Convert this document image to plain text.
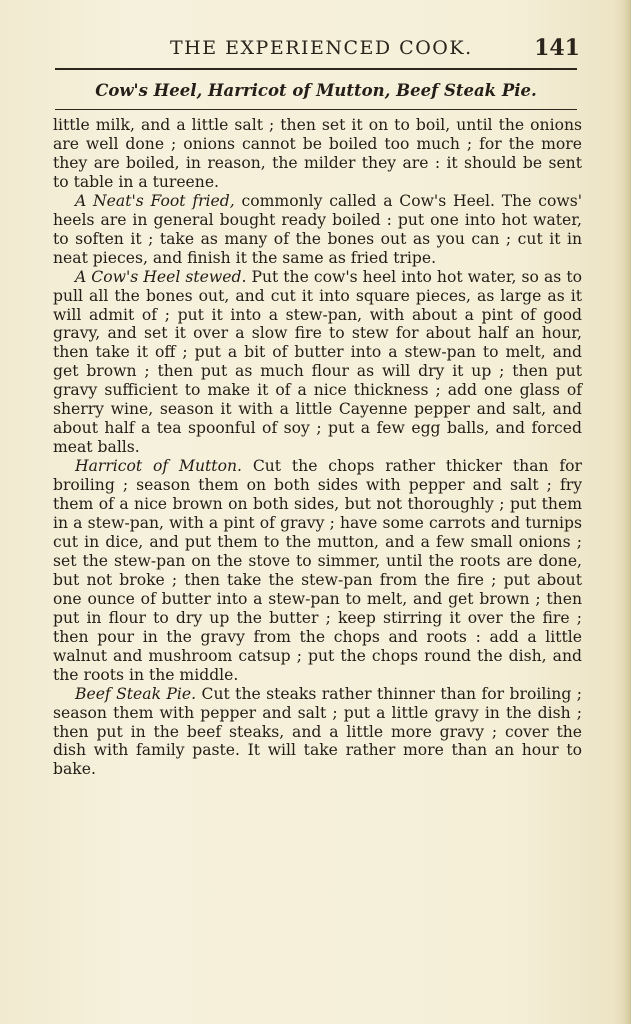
THE EXPERIENCED COOK.	141
Cow's Heel, Harricot of Mutton, Beef Steak Pie.

little milk, and a little salt ; then set it on to boil, until the onions are well done ; onions cannot be boiled too much ; for the more they are boiled, in reason, the milder they are : it should be sent to table in a tureene.

A Neat's Foot fried, commonly called a Cow's Heel. The cows' heels are in general bought ready boiled : put one into hot water, to soften it ; take as many of the bones out as you can ; cut it in neat pieces, and finish it the same as fried tripe.

A Cow's Heel stewed. Put the cow's heel into hot water, so as to pull all the bones out, and cut it into square pieces, as large as it will admit of ; put it into a stew-pan, with about a pint of good gravy, and set it over a slow fire to stew for about half an hour, then take it off ; put a bit of butter into a stew-pan to melt, and get brown ; then put as much flour as will dry it up ; then put gravy sufficient to make it of a nice thickness ; add one glass of sherry wine, season it with a little Cayenne pepper and salt, and about half a tea spoonful of soy ; put a few egg balls, and forced meat balls.

Harricot of Mutton. Cut the chops rather thicker than for broiling ; season them on both sides with pepper and salt ; fry them of a nice brown on both sides, but not thoroughly ; put them in a stew-pan, with a pint of gravy ; have some carrots and turnips cut in dice, and put them to the mutton, and a few small onions ; set the stew-pan on the stove to simmer, until the roots are done, but not broke ; then take the stew-pan from the fire ; put about one ounce of butter into a stew-pan to melt, and get brown ; then put in flour to dry up the butter ; keep stirring it over the fire ; then pour in the gravy from the chops and roots : add a little walnut and mushroom catsup ; put the chops round the dish, and the roots in the middle.

Beef Steak Pie. Cut the steaks rather thinner than for broiling ; season them with pepper and salt ; put a little gravy in the dish ; then put in the beef steaks, and a little more gravy ; cover the dish with family paste. It will take rather more than an hour to bake.
